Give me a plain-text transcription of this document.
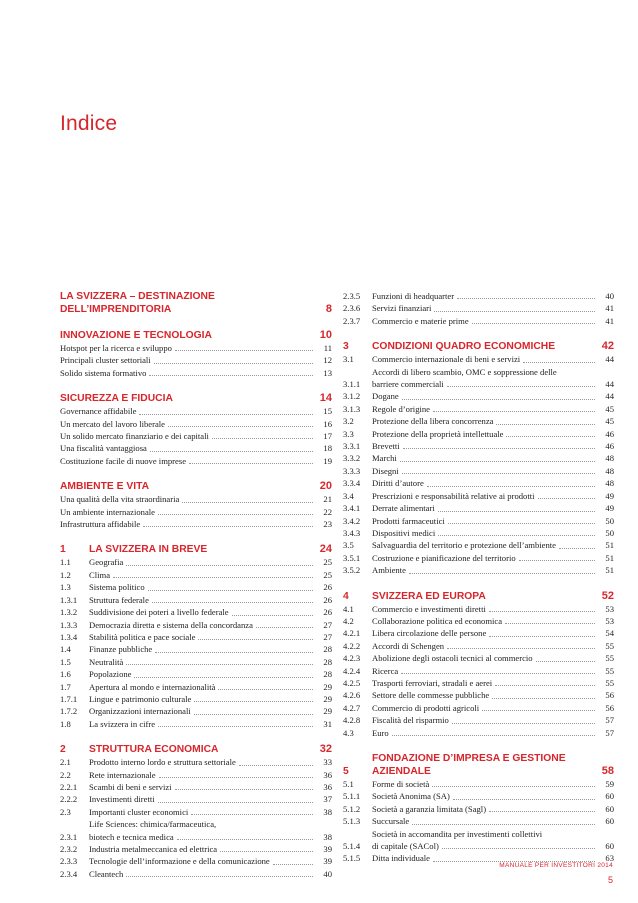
Indice
LA SVIZZERA – DESTINAZIONE DELL’IMPRENDITORIA	8
INNOVAZIONE E TECNOLOGIA	10
Hotspot per la ricerca e sviluppo	11
Principali cluster settoriali	12
Solido sistema formativo	13
SICUREZZA E FIDUCIA	14
Governance affidabile	15
Un mercato del lavoro liberale	16
Un solido mercato finanziario e dei capitali	17
Una fiscalità vantaggiosa	18
Costituzione facile di nuove imprese	19
AMBIENTE E VITA	20
Una qualità della vita straordinaria	21
Un ambiente internazionale	22
Infrastruttura affidabile	23
1	LA SVIZZERA IN BREVE	24
1.1	Geografia	25
1.2	Clima	25
1.3	Sistema politico	26
1.3.1	Struttura federale	26
1.3.2	Suddivisione dei poteri a livello federale	26
1.3.3	Democrazia diretta e sistema della concordanza	27
1.3.4	Stabilità politica e pace sociale	27
1.4	Finanze pubbliche	28
1.5	Neutralità	28
1.6	Popolazione	28
1.7	Apertura al mondo e internazionalità	29
1.7.1	Lingue e patrimonio culturale	29
1.7.2	Organizzazioni internazionali	29
1.8	La svizzera in cifre	31
2	STRUTTURA ECONOMICA	32
2.1	Prodotto interno lordo e struttura settoriale	33
2.2	Rete internazionale	36
2.2.1	Scambi di beni e servizi	36
2.2.2	Investimenti diretti	37
2.3	Importanti cluster economici	38
2.3.1
Life Sciences: chimica/farmaceutica,
biotech e tecnica medica	38
2.3.2	Industria metalmeccanica ed elettrica	39
2.3.3	Tecnologie dell’informazione e della comunicazione	39
2.3.4	Cleantech	40
2.3.5	Funzioni di headquarter	40
2.3.6	Servizi finanziari	41
2.3.7	Commercio e materie prime	41
3	CONDIZIONI QUADRO ECONOMICHE	42
3.1	Commercio internazionale di beni e servizi	44
3.1.1
Accordi di libero scambio, OMC e soppressione delle
barriere commerciali	44
3.1.2	Dogane	44
3.1.3	Regole d’origine	45
3.2	Protezione della libera concorrenza	45
3.3	Protezione della proprietà intellettuale	46
3.3.1	Brevetti	46
3.3.2	Marchi	48
3.3.3	Disegni	48
3.3.4	Diritti d’autore	48
3.4	Prescrizioni e responsabilità relative ai prodotti	49
3.4.1	Derrate alimentari	49
3.4.2	Prodotti farmaceutici	50
3.4.3	Dispositivi medici	50
3.5	Salvaguardia del territorio e protezione dell’ambiente	51
3.5.1	Costruzione e pianificazione del territorio	51
3.5.2	Ambiente	51
4	SVIZZERA ED EUROPA	52
4.1	Commercio e investimenti diretti	53
4.2	Collaborazione politica ed economica	53
4.2.1	Libera circolazione delle persone	54
4.2.2	Accordi di Schengen	55
4.2.3	Abolizione degli ostacoli tecnici al commercio	55
4.2.4	Ricerca	55
4.2.5	Trasporti ferroviari, stradali e aerei	55
4.2.6	Settore delle commesse pubbliche	56
4.2.7	Commercio di prodotti agricoli	56
4.2.8	Fiscalità del risparmio	57
4.3	Euro	57
5
FONDAZIONE D’IMPRESA E GESTIONE
AZIENDALE	58
5.1	Forme di società	59
5.1.1	Società Anonima (SA)	60
5.1.2	Società a garanzia limitata (Sagl)	60
5.1.3	Succursale	60
5.1.4
Società in accomandita per investimenti collettivi
di capitale (SACol)	60
5.1.5	Ditta individuale	63
MANUALE PER INVESTITORI 2014
5
